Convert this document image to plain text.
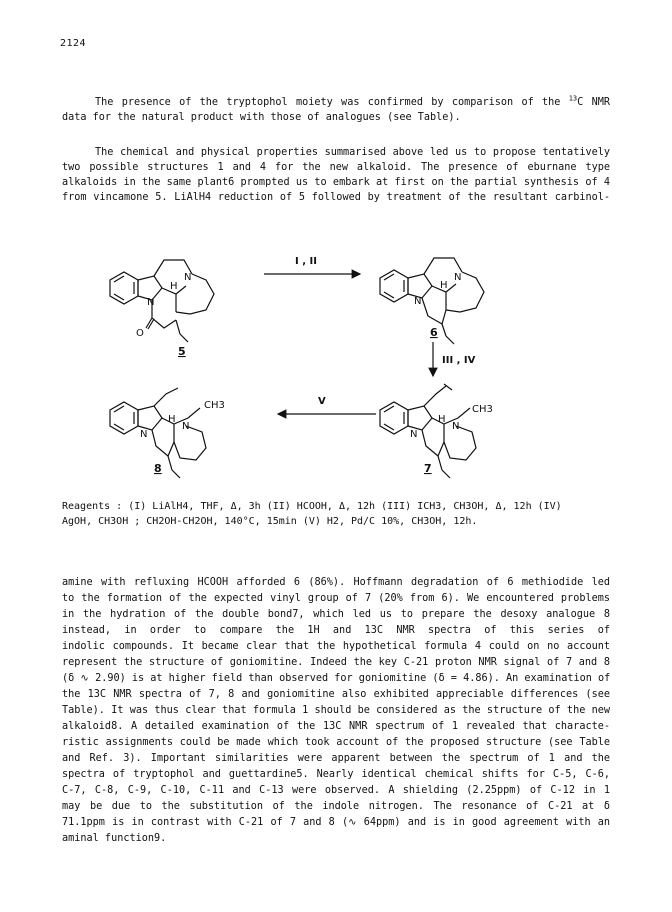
2124
The presence of the tryptophol moiety was confirmed by comparison of the $^{13}$C NMR
data for the natural product with those of analogues (see Table).
The chemical and physical properties summarised above led us to propose tentatively
two possible structures 1 and 4 for the new alkaloid. The presence of eburnane type
alkaloids in the same plant6 prompted us to embark at first on the partial synthesis of 4
from vincamone 5. LiAlH4 reduction of 5 followed by treatment of the resultant carbinol-
H
N
N
O
5
I , II
H
N
N
6
III , IV
H
N
N
CH3
7
V
H
N
N
CH3
8
Reagents : (I) LiAlH4, THF, Δ, 3h (II) HCOOH, Δ, 12h (III) ICH3, CH3OH, Δ, 12h (IV)
AgOH, CH3OH ; CH2OH-CH2OH, 140°C, 15min (V) H2, Pd/C 10%, CH3OH, 12h.
amine with refluxing HCOOH afforded 6 (86%). Hoffmann degradation of 6 methiodide led
to the formation of the expected vinyl group of 7 (20% from 6). We encountered problems
in the hydration of the double bond7, which led us to prepare the desoxy analogue 8
instead, in order to compare the 1H and 13C NMR spectra of this series of
indolic compounds. It became clear that the hypothetical formula 4 could on no account
represent the structure of goniomitine. Indeed the key C-21 proton NMR signal of 7 and 8
(δ ∿ 2.90) is at higher field than observed for goniomitine (δ = 4.86). An examination of
the 13C NMR spectra of 7, 8 and goniomitine also exhibited appreciable differences (see
Table). It was thus clear that formula 1 should be considered as the structure of the new
alkaloid8. A detailed examination of the 13C NMR spectrum of 1 revealed that characte-
ristic assignments could be made which took account of the proposed structure (see Table
and Ref. 3). Important similarities were apparent between the spectrum of 1 and the
spectra of tryptophol and guettardine5. Nearly identical chemical shifts for C-5, C-6,
C-7, C-8, C-9, C-10, C-11 and C-13 were observed. A shielding (2.25ppm) of C-12 in 1
may be due to the substitution of the indole nitrogen. The resonance of C-21 at δ
71.1ppm is in contrast with C-21 of 7 and 8 (∿ 64ppm) and is in good agreement with an
aminal function9.
